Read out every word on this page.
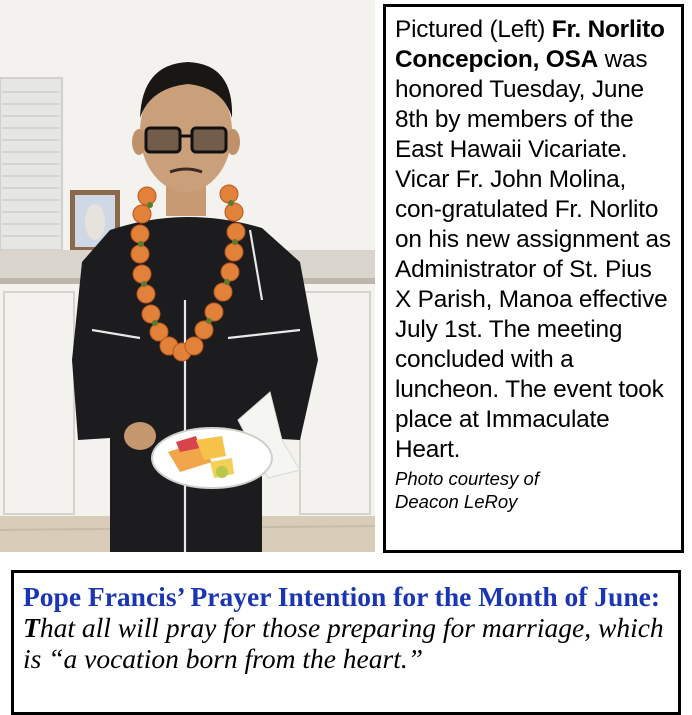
Pictured (Left) Fr. Norlito Concepcion, OSA was honored Tuesday, June 8th by members of the East Hawaii Vicariate. Vicar Fr. John Molina, con-gratulated Fr. Norlito on his new assignment as Administrator of St. Pius X Parish, Manoa effective July 1st. The meeting concluded with a luncheon. The event took place at Immaculate Heart.
Photo courtesy of
Deacon LeRoy
Pope Francis’ Prayer Intention for the Month of June:  That all will pray for those preparing for marriage, which is “a vocation born from the heart.”
